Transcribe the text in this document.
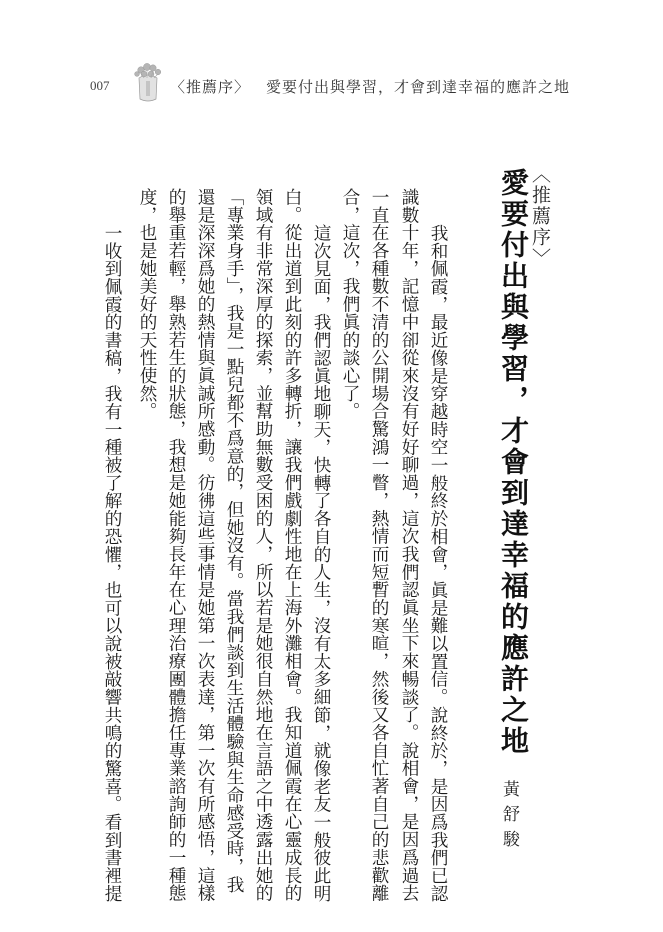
007	〈推薦序〉 愛要付出與學習，才會到達幸福的應許之地
〈推薦序〉
愛要付出與學習，才會到達幸福的應許之地
黃舒駿
我和佩霞，最近像是穿越時空一般終於相會，眞是難以置信。說終於，是因爲我們已認
識數十年，記憶中卻從來沒有好好聊過，這次我們認眞坐下來暢談了。說相會，是因爲過去
一直在各種數不清的公開場合驚鴻一瞥，熱情而短暫的寒暄，然後又各自忙著自己的悲歡離
合，這次，我們眞的談心了。
這次見面，我們認眞地聊天，快轉了各自的人生，沒有太多細節，就像老友一般彼此明
白。從出道到此刻的許多轉折，讓我們戲劇性地在上海外灘相會。我知道佩霞在心靈成長的
領域有非常深厚的探索，並幫助無數受困的人，所以若是她很自然地在言語之中透露出她的
「專業身手」，我是一點兒都不爲意的，但她沒有。當我們談到生活體驗與生命感受時，我
還是深深爲她的熱情與眞誠所感動。彷彿這些事情是她第一次表達，第一次有所感悟，這樣
的舉重若輕，舉熟若生的狀態，我想是她能夠長年在心理治療團體擔任專業諮詢師的一種態
度，也是她美好的天性使然。
一收到佩霞的書稿，我有一種被了解的恐懼，也可以說被敲響共鳴的驚喜。看到書裡提
